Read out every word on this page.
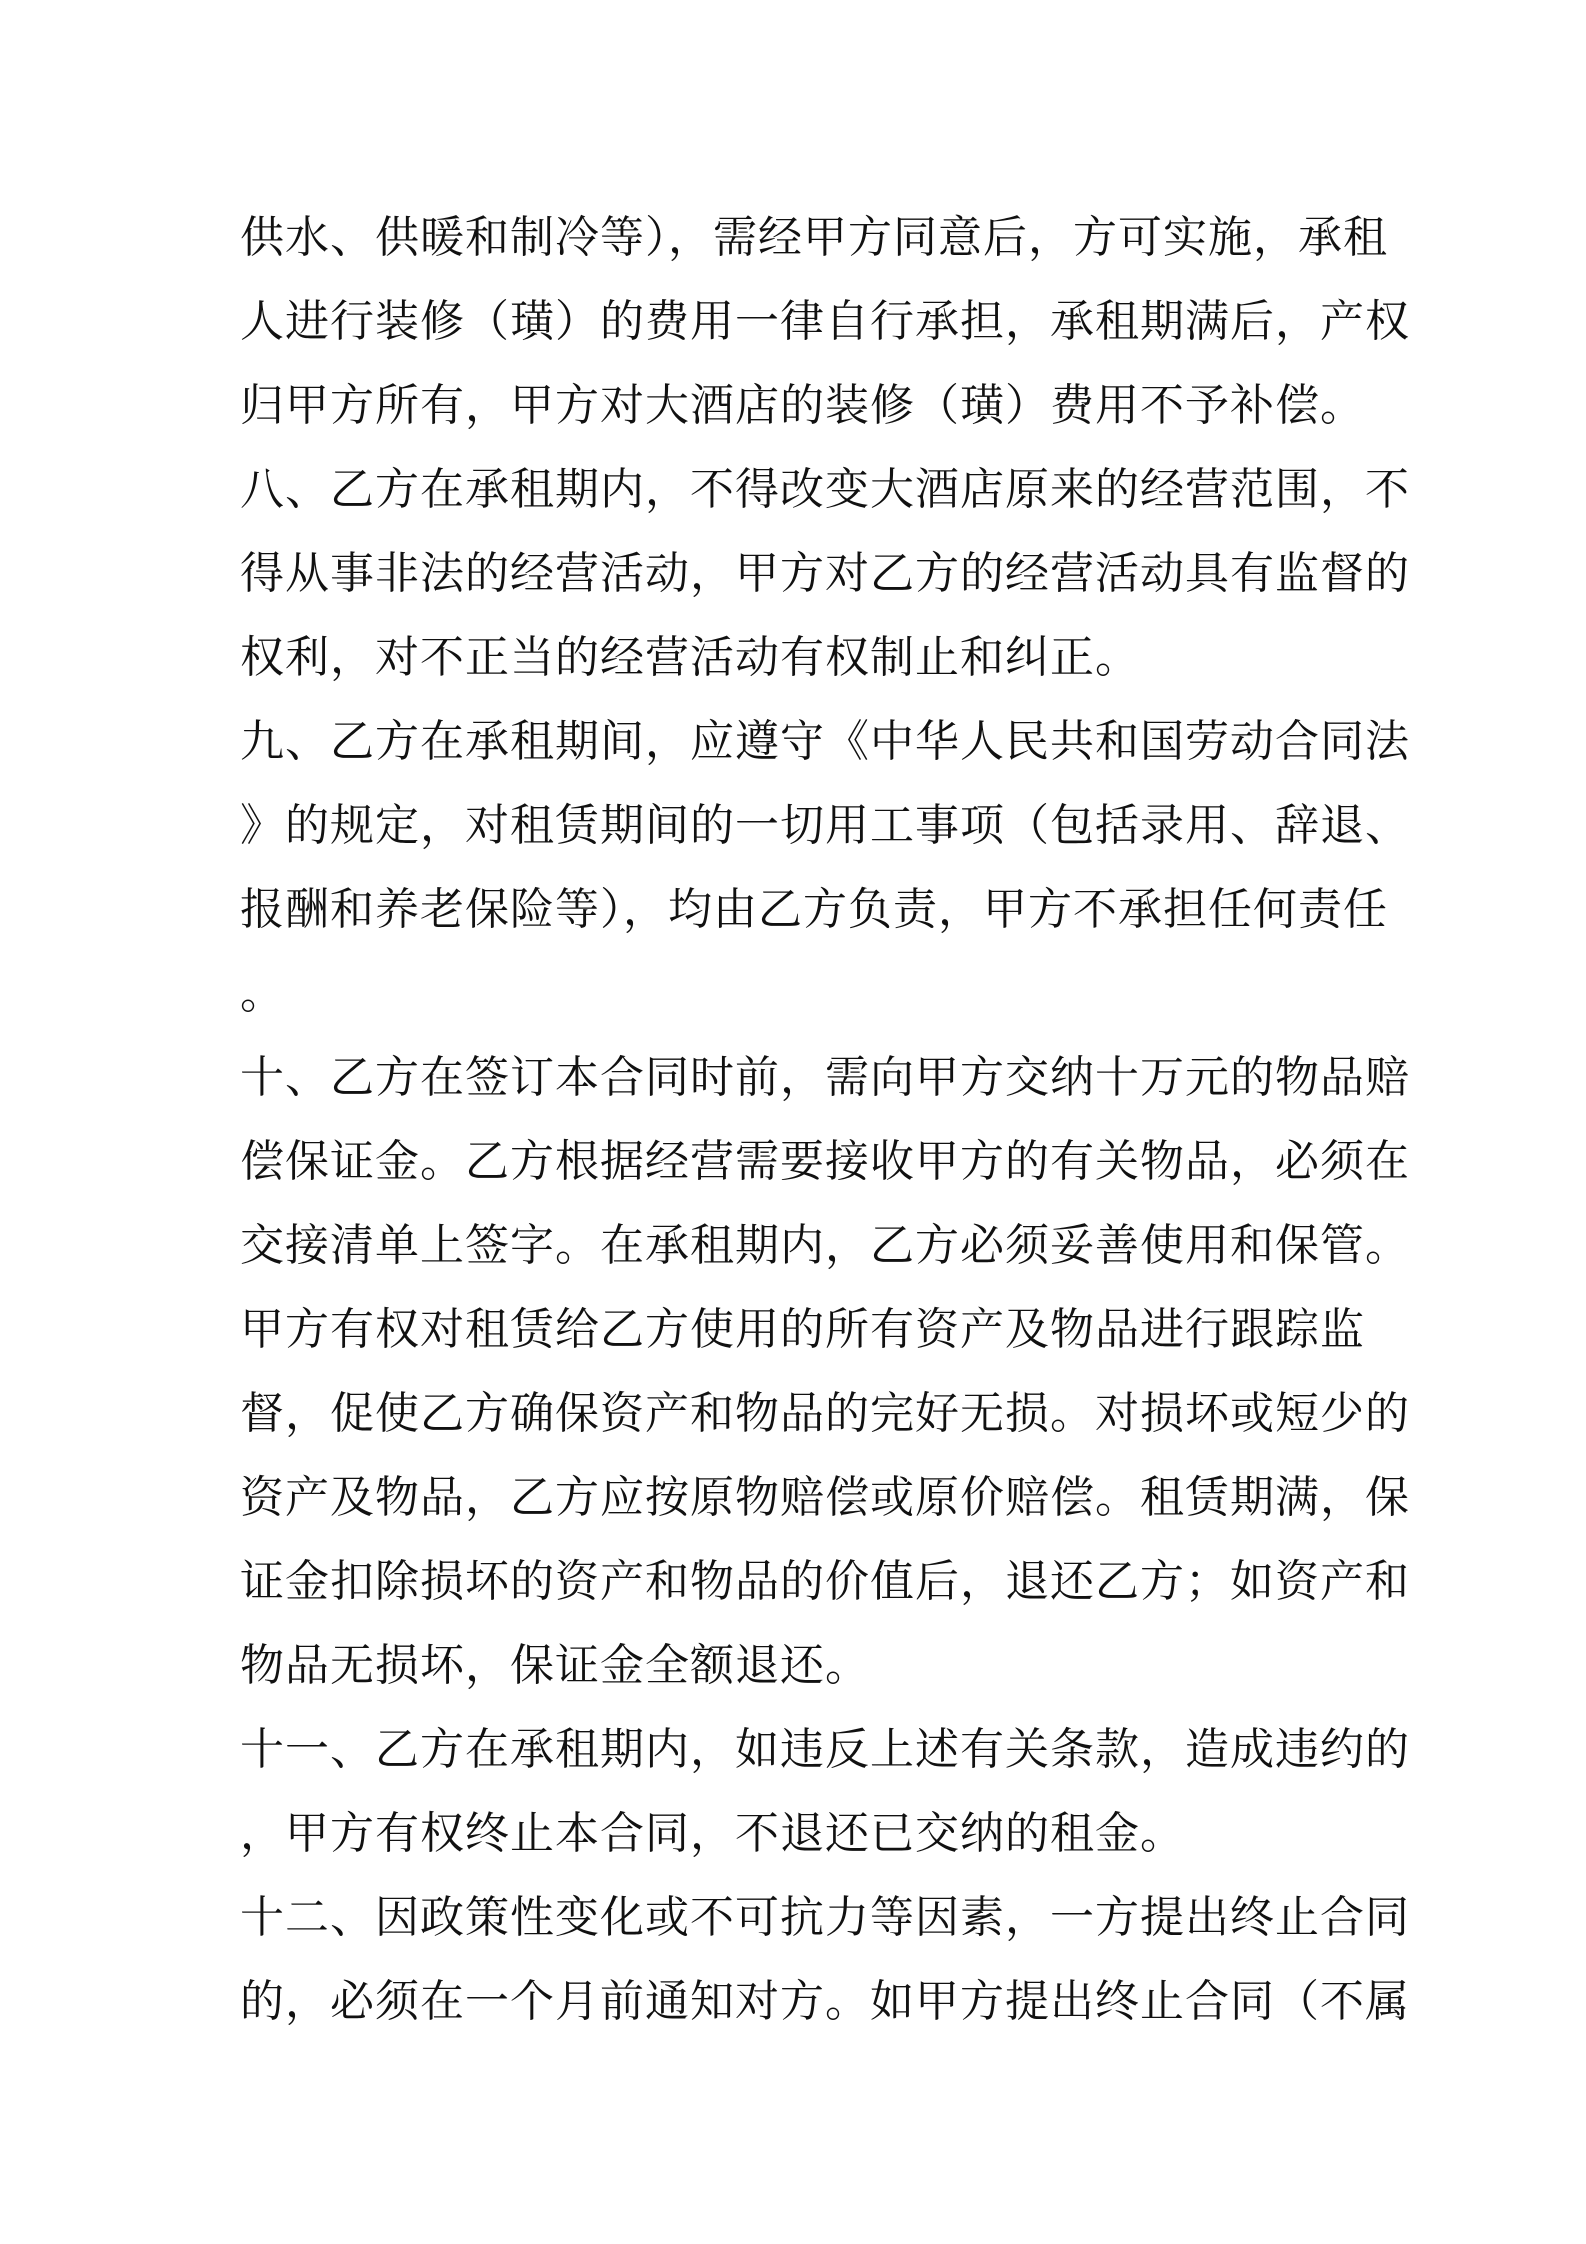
供水、供暖和制冷等），需经甲方同意后，方可实施，承租
人进行装修（璜）的费用一律自行承担，承租期满后，产权
归甲方所有，甲方对大酒店的装修（璜）费用不予补偿。
八、乙方在承租期内，不得改变大酒店原来的经营范围，不
得从事非法的经营活动，甲方对乙方的经营活动具有监督的
权利，对不正当的经营活动有权制止和纠正。
九、乙方在承租期间，应遵守《中华人民共和国劳动合同法
》的规定，对租赁期间的一切用工事项（包括录用、辞退、
报酬和养老保险等），均由乙方负责，甲方不承担任何责任
。
十、乙方在签订本合同时前，需向甲方交纳十万元的物品赔
偿保证金。乙方根据经营需要接收甲方的有关物品，必须在
交接清单上签字。在承租期内，乙方必须妥善使用和保管。
甲方有权对租赁给乙方使用的所有资产及物品进行跟踪监
督，促使乙方确保资产和物品的完好无损。对损坏或短少的
资产及物品，乙方应按原物赔偿或原价赔偿。租赁期满，保
证金扣除损坏的资产和物品的价值后，退还乙方；如资产和
物品无损坏，保证金全额退还。
十一、乙方在承租期内，如违反上述有关条款，造成违约的
，甲方有权终止本合同，不退还已交纳的租金。
十二、因政策性变化或不可抗力等因素，一方提出终止合同
的，必须在一个月前通知对方。如甲方提出终止合同（不属
